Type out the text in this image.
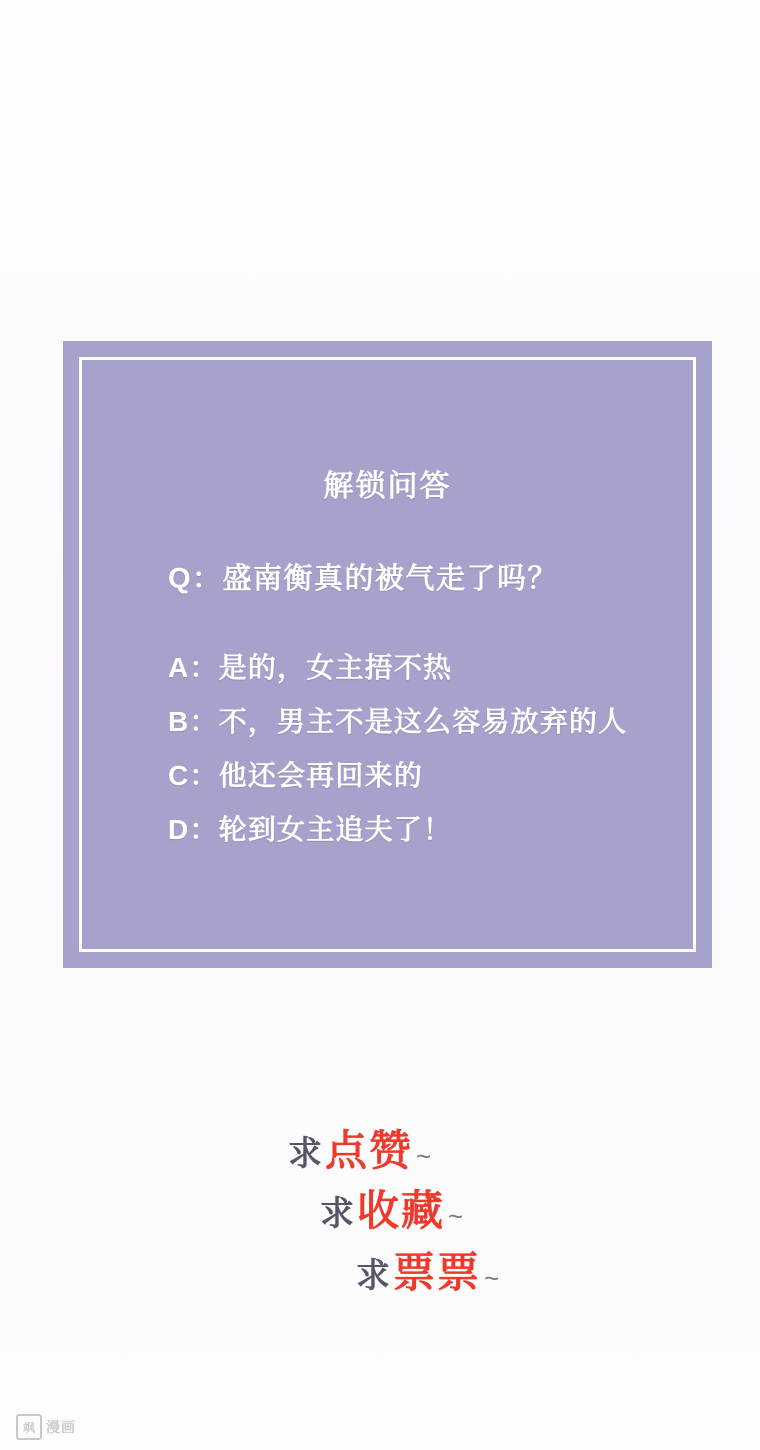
解锁问答
Q：盛南衡真的被气走了吗？
A：是的，女主捂不热
B：不，男主不是这么容易放弃的人
C：他还会再回来的
D：轮到女主追夫了！
求点赞 ~
求收藏 ~
求票票 ~
飒 漫画
